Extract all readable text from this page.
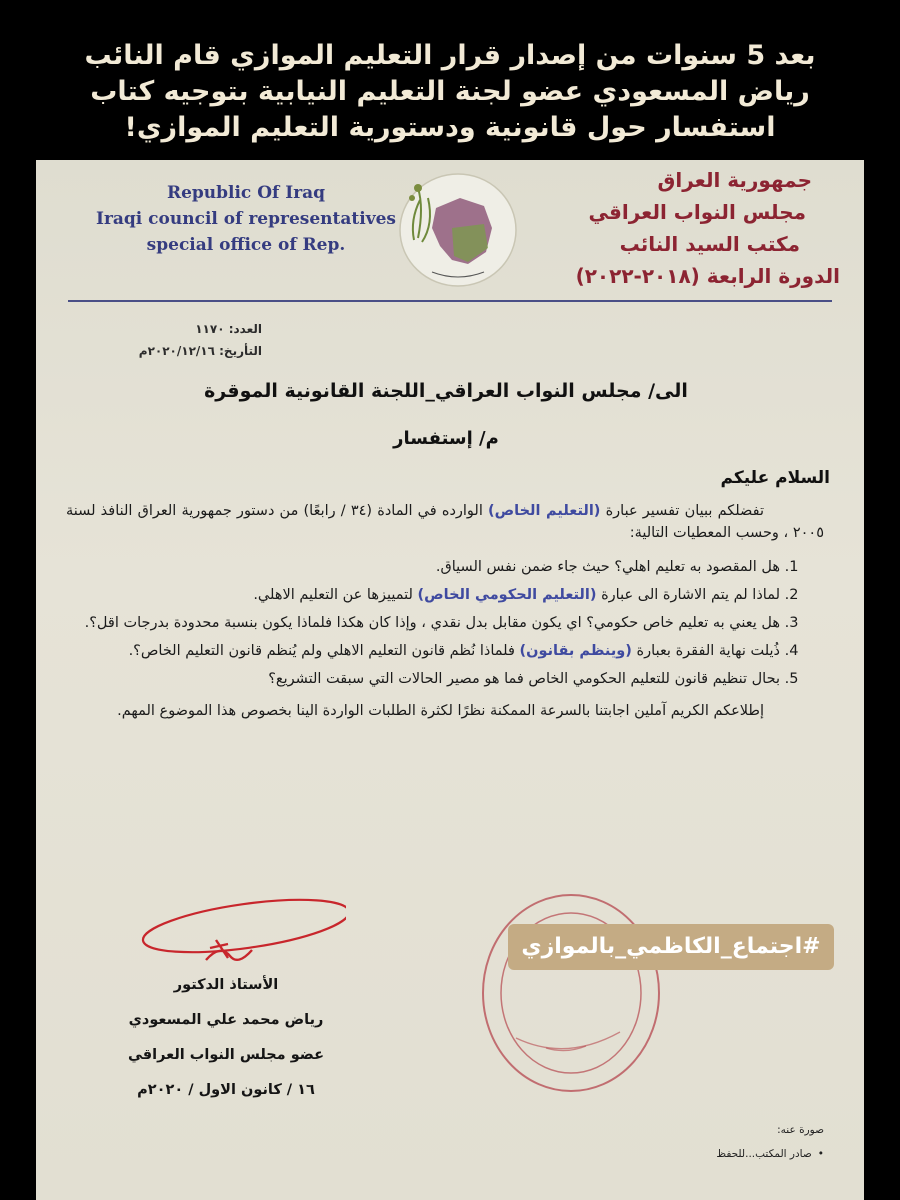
بعد 5 سنوات من إصدار قرار التعليم الموازي قام النائب
رياض المسعودي عضو لجنة التعليم النيابية بتوجيه كتاب
استفسار حول قانونية ودستورية التعليم الموازي!
Republic Of Iraq
Iraqi council of representatives
special office of Rep.
جمهورية العراق
مجلس النواب العراقي
مكتب السيد النائب
الدورة الرابعة (٢٠١٨-٢٠٢٢)
العدد: ١١٧٠
التأريخ: ٢٠٢٠/١٢/١٦م
الى/ مجلس النواب العراقي_اللجنة القانونية الموقرة
م/ إستفسار
السلام عليكم

تفضلكم ببيان تفسير عبارة (التعليم الخاص) الوارده في المادة (٣٤ / رابعًا) من دستور جمهورية العراق النافذ لسنة ٢٠٠٥ ، وحسب المعطيات التالية:

1. هل المقصود به تعليم اهلي؟ حيث جاء ضمن نفس السياق.
2. لماذا لم يتم الاشارة الى عبارة (التعليم الحكومي الخاص) لتمييزها عن التعليم الاهلي.
3. هل يعني به تعليم خاص حكومي؟ اي يكون مقابل بدل نقدي ، وإذا كان هكذا فلماذا يكون بنسبة محدودة بدرجات اقل؟.
4. ذُيلت نهاية الفقرة بعبارة (وينظم بقانون) فلماذا نُظم قانون التعليم الاهلي ولم يُنظم قانون التعليم الخاص؟.
5. بحال تنظيم قانون للتعليم الحكومي الخاص فما هو مصير الحالات التي سبقت التشريع؟

إطلاعكم الكريم آملين اجابتنا بالسرعة الممكنة نظرًا لكثرة الطلبات الواردة الينا بخصوص هذا الموضوع المهم.

الأستاذ الدكتور
رياض محمد علي المسعودي
عضو مجلس النواب العراقي
١٦ / كانون الاول / ٢٠٢٠م
#اجتماع_الكاظمي_بالموازي
صورة عنه:
• صادر المكتب...للحفظ
